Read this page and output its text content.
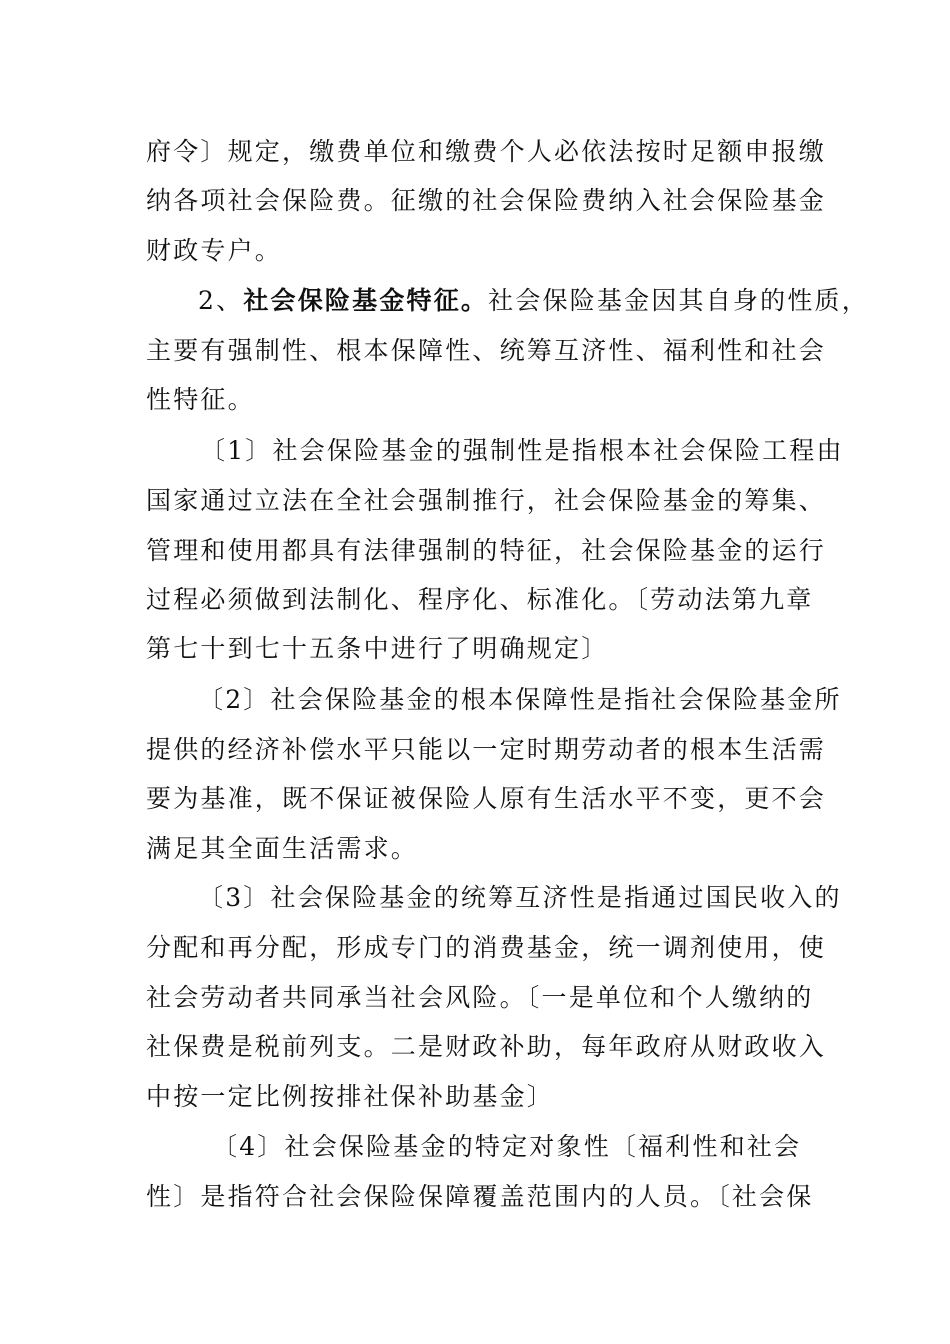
府令〕规定，缴费单位和缴费个人必依法按时足额申报缴
纳各项社会保险费。征缴的社会保险费纳入社会保险基金
财政专户。
2、社会保险基金特征。社会保险基金因其自身的性质，
主要有强制性、根本保障性、统筹互济性、福利性和社会
性特征。
〔1〕社会保险基金的强制性是指根本社会保险工程由
国家通过立法在全社会强制推行，社会保险基金的筹集、
管理和使用都具有法律强制的特征，社会保险基金的运行
过程必须做到法制化、程序化、标准化。〔劳动法第九章
第七十到七十五条中进行了明确规定〕
〔2〕社会保险基金的根本保障性是指社会保险基金所
提供的经济补偿水平只能以一定时期劳动者的根本生活需
要为基准，既不保证被保险人原有生活水平不变，更不会
满足其全面生活需求。
〔3〕社会保险基金的统筹互济性是指通过国民收入的
分配和再分配，形成专门的消费基金，统一调剂使用，使
社会劳动者共同承当社会风险。〔一是单位和个人缴纳的
社保费是税前列支。二是财政补助，每年政府从财政收入
中按一定比例按排社保补助基金〕
〔4〕社会保险基金的特定对象性〔福利性和社会
性〕是指符合社会保险保障覆盖范围内的人员。〔社会保
